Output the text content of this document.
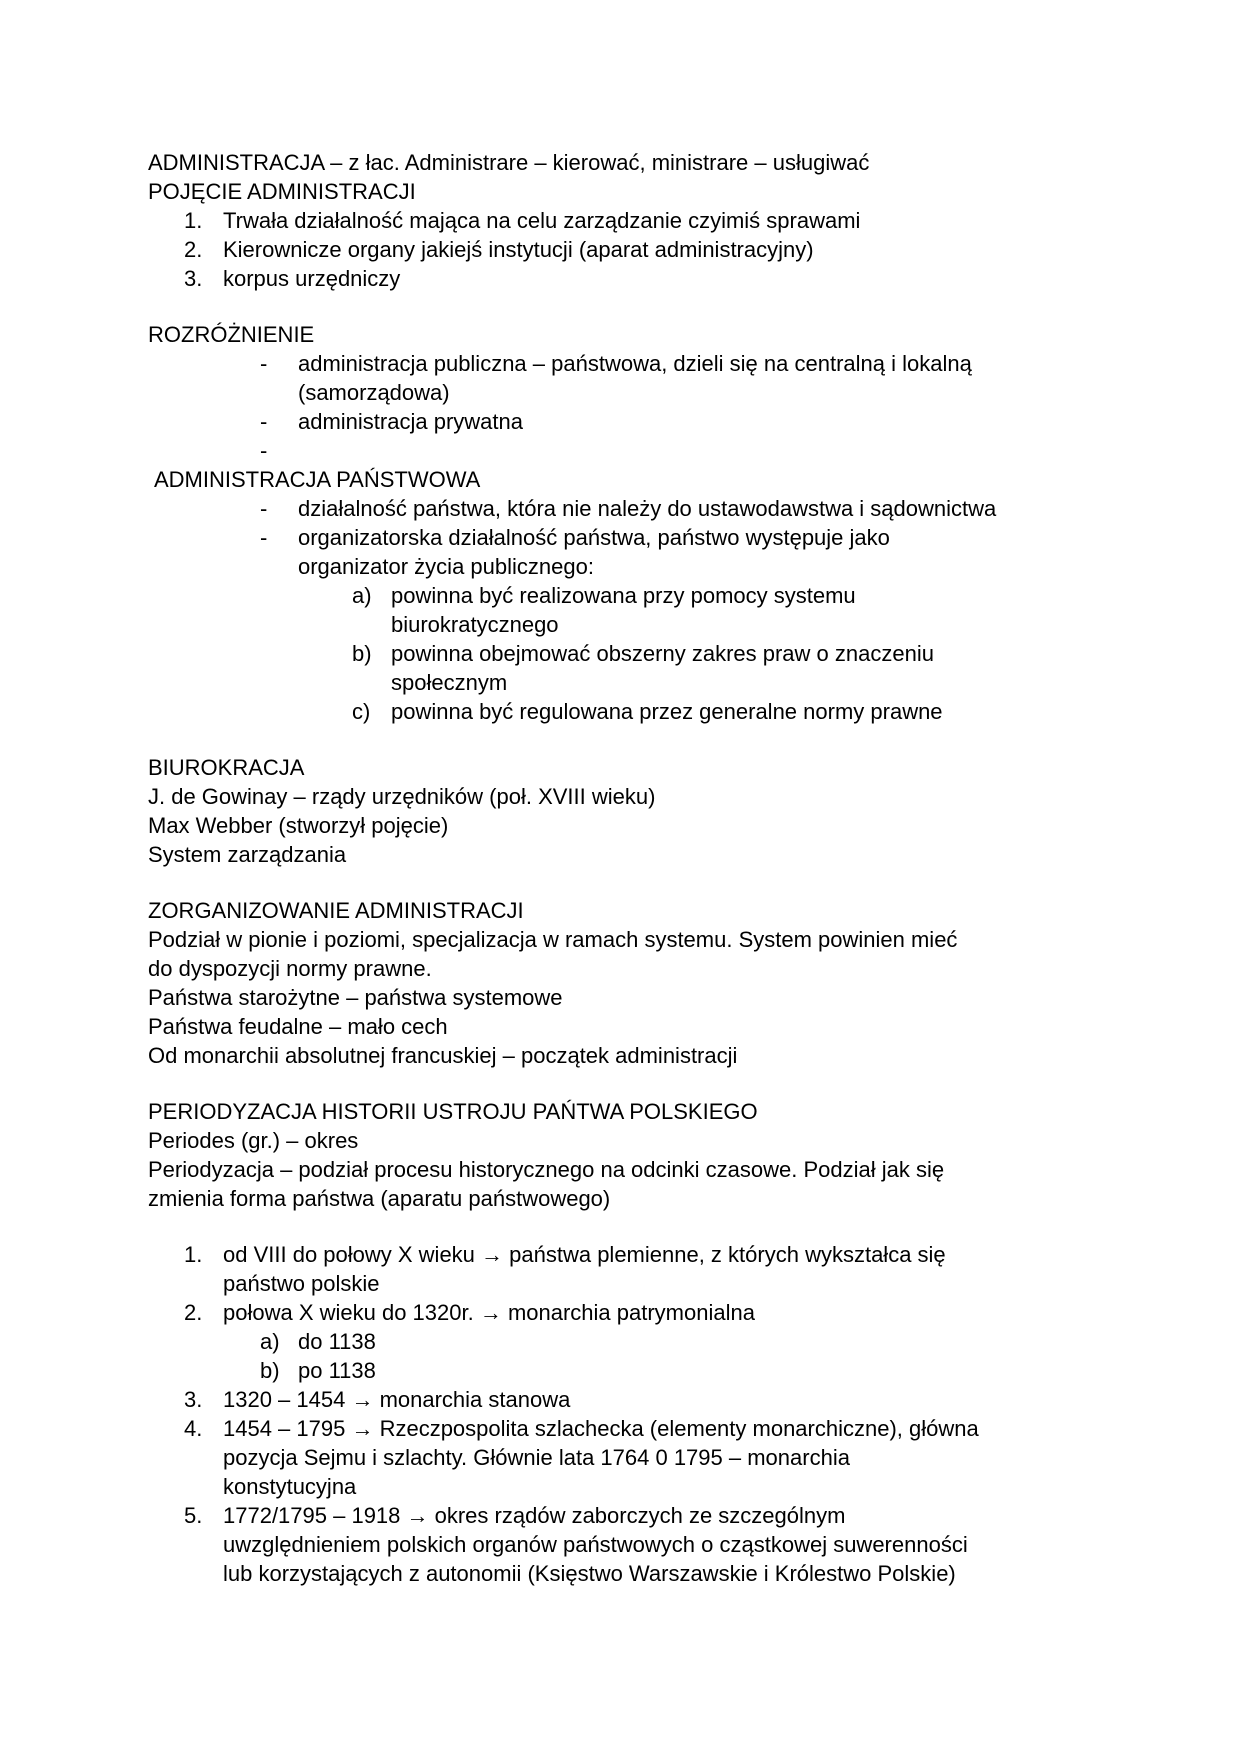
ADMINISTRACJA – z łac. Administrare – kierować, ministrare – usługiwać
POJĘCIE ADMINISTRACJI
1. Trwała działalność mająca na celu zarządzanie czyimiś sprawami
2. Kierownicze organy jakiejś instytucji (aparat administracyjny)
3. korpus urzędniczy
ROZRÓŻNIENIE
- administracja publiczna – państwowa, dzieli się na centralną i lokalną
(samorządowa)
- administracja prywatna
-
ADMINISTRACJA PAŃSTWOWA
- działalność państwa, która nie należy do ustawodawstwa i sądownictwa
- organizatorska działalność państwa, państwo występuje jako
organizator życia publicznego:
a) powinna być realizowana przy pomocy systemu
biurokratycznego
b) powinna obejmować obszerny zakres praw o znaczeniu
społecznym
c) powinna być regulowana przez generalne normy prawne
BIUROKRACJA
J. de Gowinay – rządy urzędników (poł. XVIII wieku)
Max Webber (stworzył pojęcie)
System zarządzania
ZORGANIZOWANIE ADMINISTRACJI
Podział w pionie i poziomi, specjalizacja w ramach systemu. System powinien mieć
do dyspozycji normy prawne.
Państwa starożytne – państwa systemowe
Państwa feudalne – mało cech
Od monarchii absolutnej francuskiej – początek administracji
PERIODYZACJA HISTORII USTROJU PAŃTWA POLSKIEGO
Periodes (gr.) – okres
Periodyzacja – podział procesu historycznego na odcinki czasowe. Podział jak się
zmienia forma państwa (aparatu państwowego)
1. od VIII do połowy X wieku → państwa plemienne, z których wykształca się
państwo polskie
2. połowa X wieku do 1320r. → monarchia patrymonialna
a) do 1138
b) po 1138
3. 1320 – 1454 → monarchia stanowa
4. 1454 – 1795 → Rzeczpospolita szlachecka (elementy monarchiczne), główna
pozycja Sejmu i szlachty. Głównie lata 1764 0 1795 – monarchia
konstytucyjna
5. 1772/1795 – 1918 → okres rządów zaborczych ze szczególnym
uwzględnieniem polskich organów państwowych o cząstkowej suwerenności
lub korzystających z autonomii (Księstwo Warszawskie i Królestwo Polskie)
